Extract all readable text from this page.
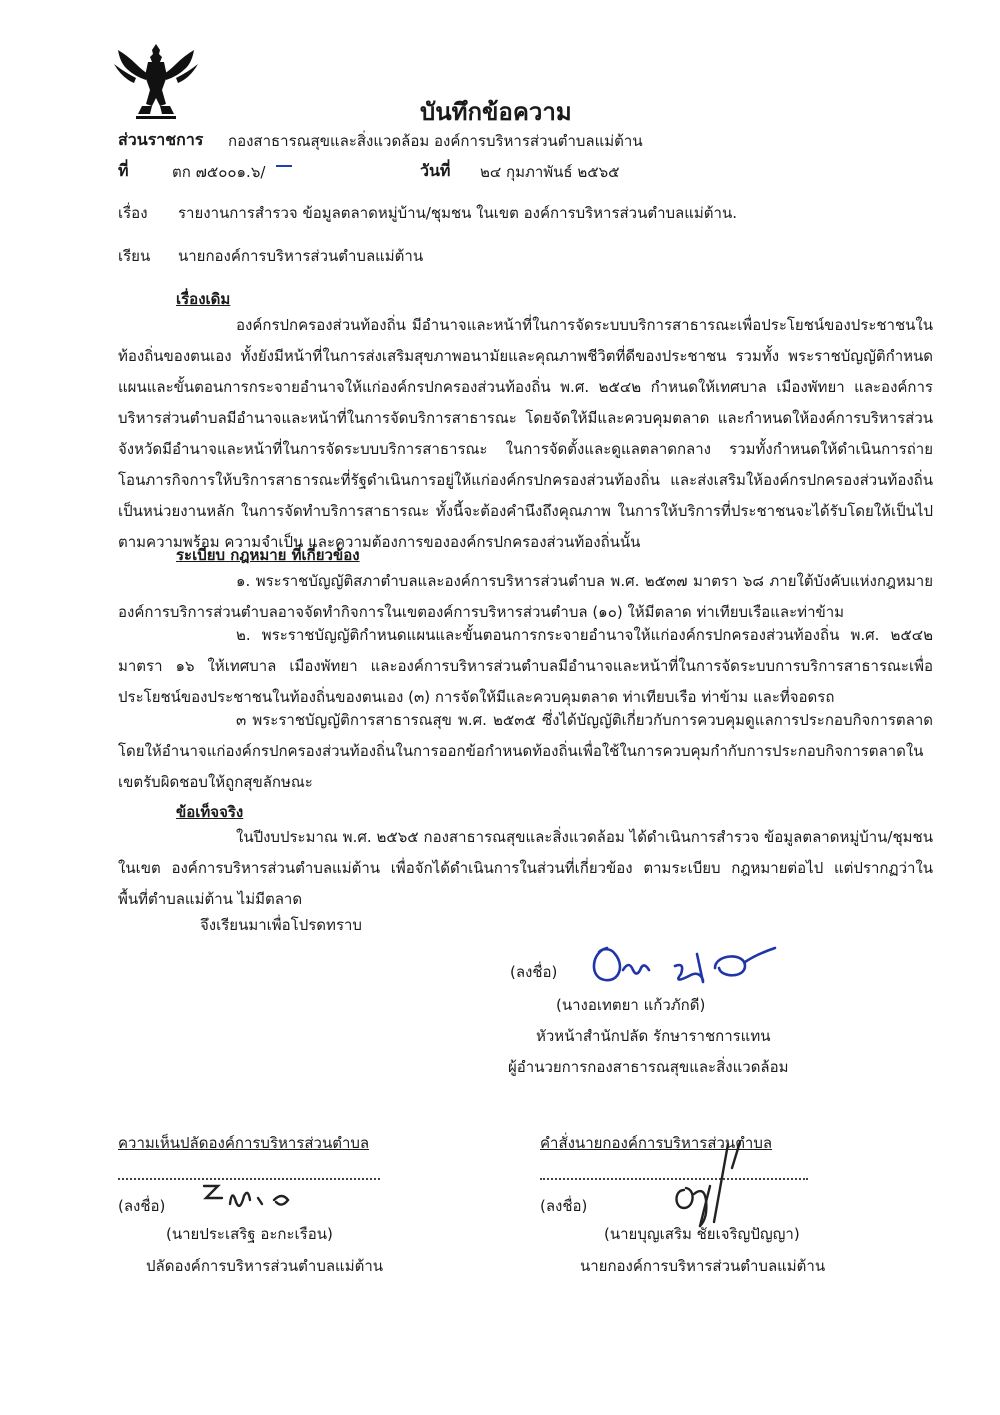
บันทึกข้อความ
ส่วนราชการ กองสาธารณสุขและสิ่งแวดล้อม องค์การบริหารส่วนตำบลแม่ต้าน
ที่	ตก ๗๕๐๐๑.๖/	วันที่ ๒๔ กุมภาพันธ์ ๒๕๖๕
เรื่อง รายงานการสำรวจ ข้อมูลตลาดหมู่บ้าน/ชุมชน ในเขต องค์การบริหารส่วนตำบลแม่ต้าน.
เรียน นายกองค์การบริหารส่วนตำบลแม่ต้าน
เรื่องเดิม
องค์กรปกครองส่วนท้องถิ่น มีอำนาจและหน้าที่ในการจัดระบบบริการสาธารณะเพื่อประโยชน์ของประชาชนในท้องถิ่นของตนเอง ทั้งยังมีหน้าที่ในการส่งเสริมสุขภาพอนามัยและคุณภาพชีวิตที่ดีของประชาชน รวมทั้ง พระราชบัญญัติกำหนดแผนและขั้นตอนการกระจายอำนาจให้แก่องค์กรปกครองส่วนท้องถิ่น พ.ศ. ๒๕๔๒ กำหนดให้เทศบาล เมืองพัทยา และองค์การบริหารส่วนตำบลมีอำนาจและหน้าที่ในการจัดบริการสาธารณะ โดยจัดให้มีและควบคุมตลาด และกำหนดให้องค์การบริหารส่วนจังหวัดมีอำนาจและหน้าที่ในการจัดระบบบริการสาธารณะ ในการจัดตั้งและดูแลตลาดกลาง รวมทั้งกำหนดให้ดำเนินการถ่ายโอนภารกิจการให้บริการสาธารณะที่รัฐดำเนินการอยู่ให้แก่องค์กรปกครองส่วนท้องถิ่น และส่งเสริมให้องค์กรปกครองส่วนท้องถิ่นเป็นหน่วยงานหลัก ในการจัดทำบริการสาธารณะ ทั้งนี้จะต้องคำนึงถึงคุณภาพ ในการให้บริการที่ประชาชนจะได้รับโดยให้เป็นไปตามความพร้อม ความจำเป็น และความต้องการขององค์กรปกครองส่วนท้องถิ่นนั้น
ระเบียบ กฎหมาย ที่เกี่ยวข้อง
๑. พระราชบัญญัติสภาตำบลและองค์การบริหารส่วนตำบล พ.ศ. ๒๕๓๗ มาตรา ๖๘ ภายใต้บังคับแห่งกฎหมาย องค์การบริการส่วนตำบลอาจจัดทำกิจการในเขตองค์การบริหารส่วนตำบล (๑๐) ให้มีตลาด ท่าเทียบเรือและท่าข้าม
๒. พระราชบัญญัติกำหนดแผนและขั้นตอนการกระจายอำนาจให้แก่องค์กรปกครองส่วนท้องถิ่น พ.ศ. ๒๕๔๒ มาตรา ๑๖ ให้เทศบาล เมืองพัทยา และองค์การบริหารส่วนตำบลมีอำนาจและหน้าที่ในการจัดระบบการบริการสาธารณะเพื่อประโยชน์ของประชาชนในท้องถิ่นของตนเอง (๓) การจัดให้มีและควบคุมตลาด ท่าเทียบเรือ ท่าข้าม และที่จอดรถ
๓ พระราชบัญญัติการสาธารณสุข พ.ศ. ๒๕๓๕ ซึ่งได้บัญญัติเกี่ยวกับการควบคุมดูแลการประกอบกิจการตลาด โดยให้อำนาจแก่องค์กรปกครองส่วนท้องถิ่นในการออกข้อกำหนดท้องถิ่นเพื่อใช้ในการควบคุมกำกับการประกอบกิจการตลาดในเขตรับผิดชอบให้ถูกสุขลักษณะ
ข้อเท็จจริง
ในปีงบประมาณ พ.ศ. ๒๕๖๕ กองสาธารณสุขและสิ่งแวดล้อม ได้ดำเนินการสำรวจ ข้อมูลตลาดหมู่บ้าน/ชุมชน ในเขต องค์การบริหารส่วนตำบลแม่ต้าน เพื่อจักได้ดำเนินการในส่วนที่เกี่ยวข้อง ตามระเบียบ กฎหมายต่อไป แต่ปรากฏว่าในพื้นที่ตำบลแม่ต้าน ไม่มีตลาด
จึงเรียนมาเพื่อโปรดทราบ
(ลงชื่อ)
(นางอเทตยา แก้วภักดี)
หัวหน้าสำนักปลัด รักษาราชการแทน
ผู้อำนวยการกองสาธารณสุขและสิ่งแวดล้อม
ความเห็นปลัดองค์การบริหารส่วนตำบล
(ลงชื่อ)
(นายประเสริฐ อะกะเรือน)
ปลัดองค์การบริหารส่วนตำบลแม่ต้าน
คำสั่งนายกองค์การบริหารส่วนตำบล
(ลงชื่อ)
(นายบุญเสริม ชัยเจริญปัญญา)
นายกองค์การบริหารส่วนตำบลแม่ต้าน
